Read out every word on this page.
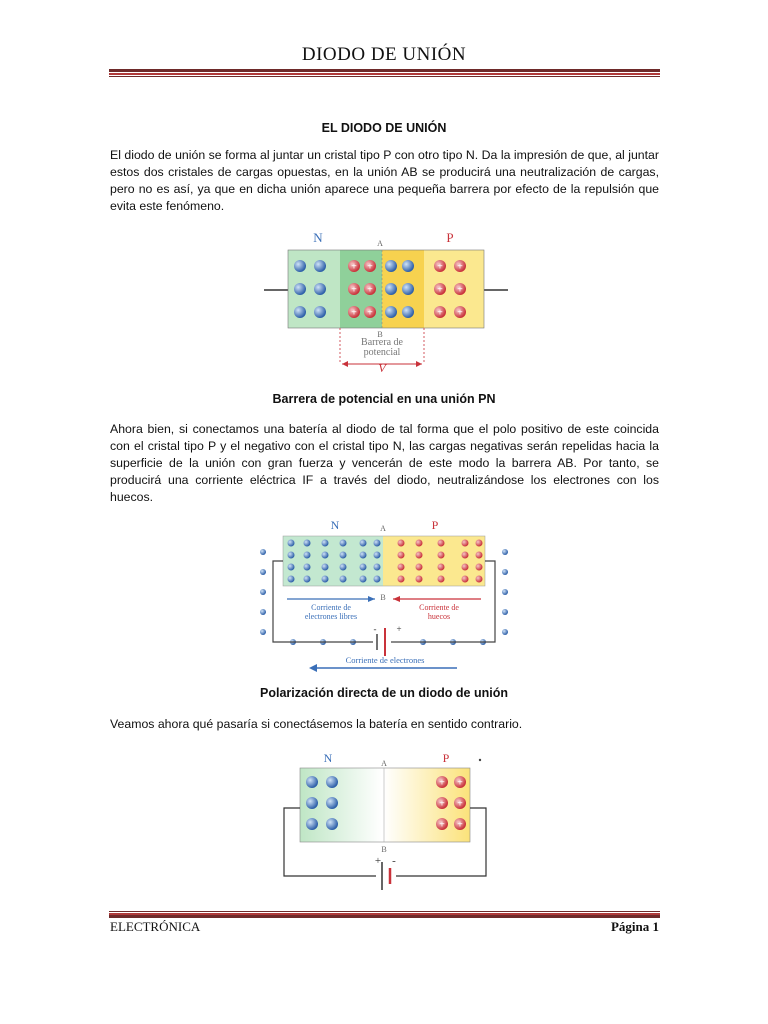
DIODO DE UNIÓN
EL DIODO DE UNIÓN
El diodo de unión se forma al juntar un cristal tipo P con otro tipo N. Da la impresión de que, al juntar estos dos cristales de cargas opuestas, en la unión AB se producirá una neutralización de cargas, pero no es así, ya que en dicha unión aparece una pequeña barrera por efecto de la repulsión que evita este fenómeno.
+ +
+ +
+ +
+ +
+ +
+ +
N	P
A
B
Barrera de
potencial
V
Barrera de potencial en una unión PN
Ahora bien, si conectamos una batería al diodo de tal forma que el polo positivo de este coincida con el cristal tipo P y el negativo con el cristal tipo N, las cargas negativas serán repelidas hacia la superficie de la unión con gran fuerza y vencerán de este modo la barrera AB. Por tanto, se producirá una corriente eléctrica IF a través del diodo, neutralizándose los electrones con los huecos.
N	P
A
- +
B
Corriente de
electrones libres
Corriente de
huecos
Corriente de electrones
Polarización directa de un diodo de unión
Veamos ahora qué pasaría si conectásemos la batería en sentido contrario.
N	P
A
+ +
+ +
+ +
B
+ -
ELECTRÓNICA	Página 1
